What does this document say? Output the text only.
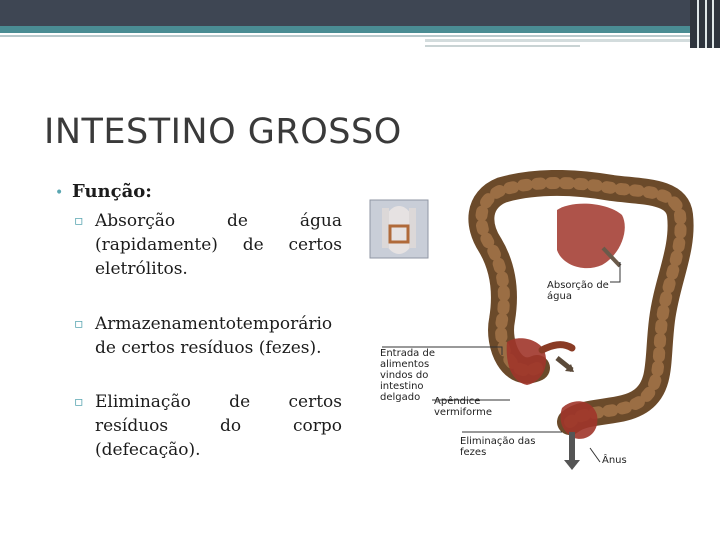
INTESTINO GROSSO
• Função:
▫ Absorção de água (rapidamente) de certos eletrólitos.
▫ Armazenamentotemporário de certos resíduos (fezes).
▫ Eliminação de certos resíduos do corpo (defecação).
Absorção de água
Entrada de alimentos vindos do intestino delgado	Apêndice vermiforme
Eliminação das fezes
Ânus
